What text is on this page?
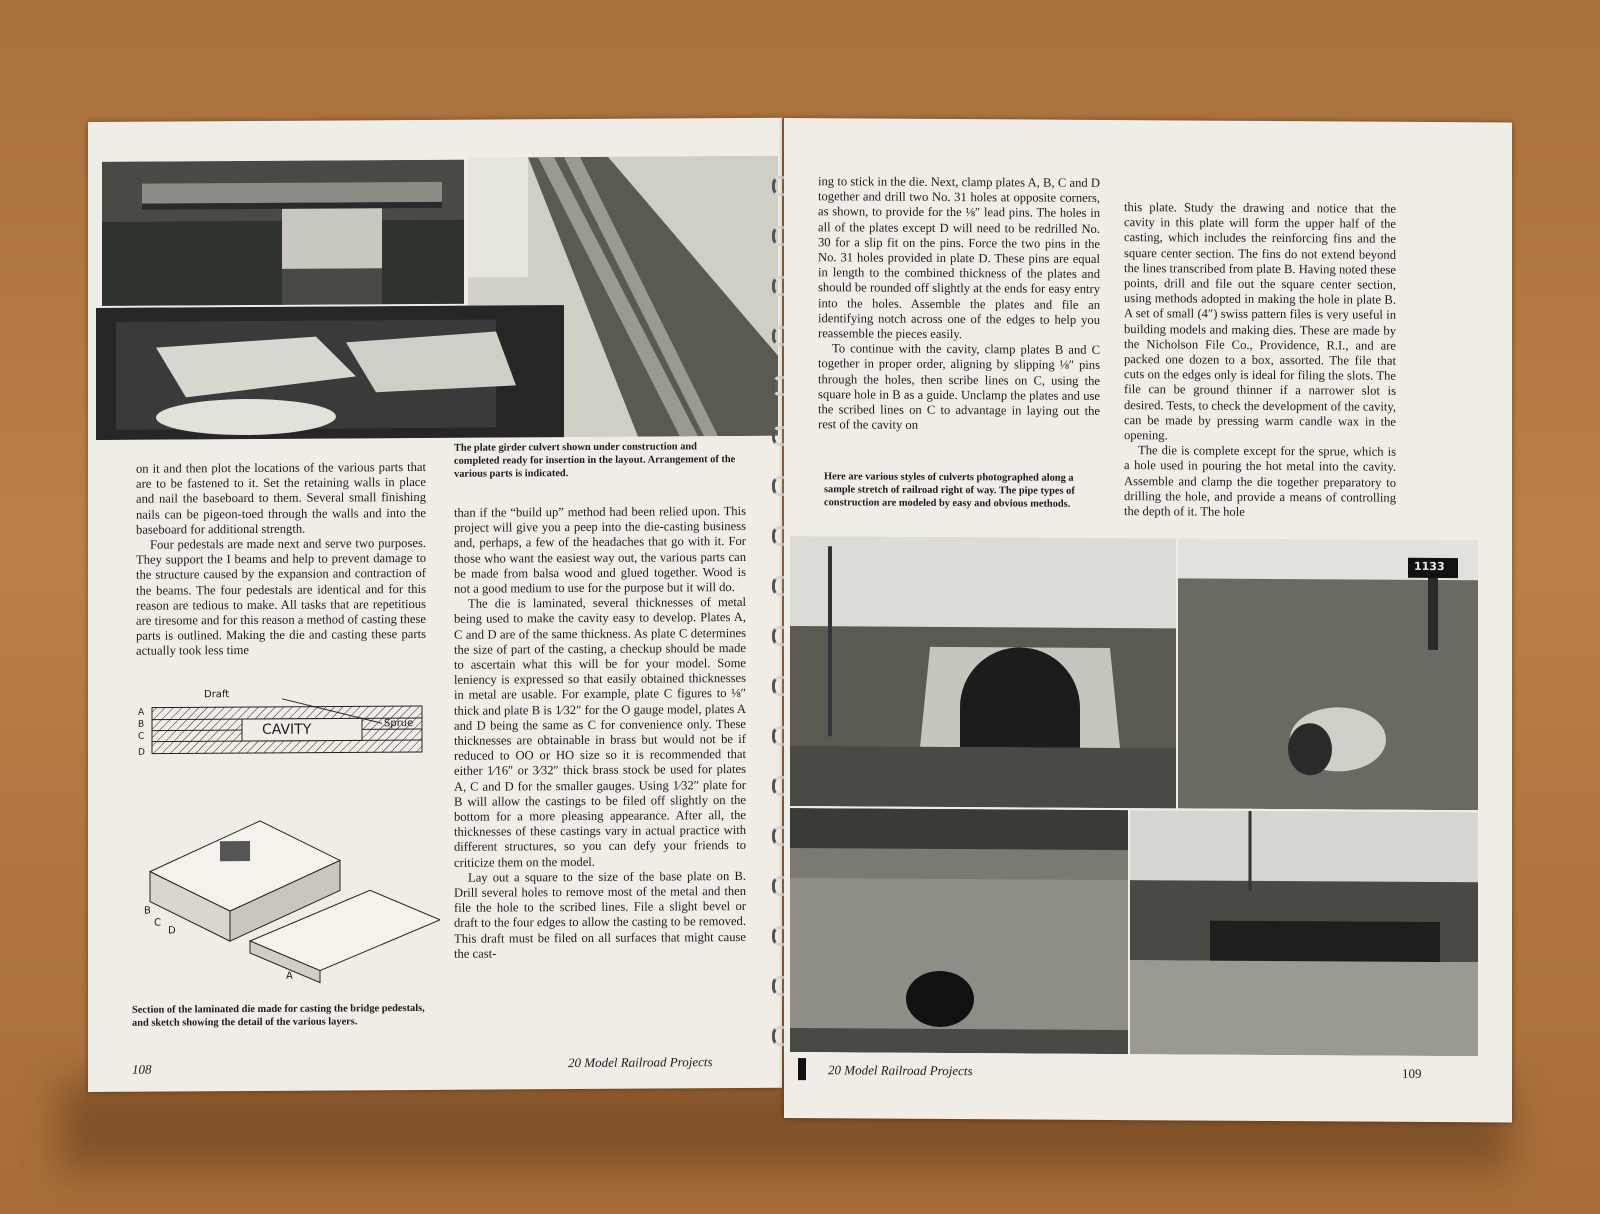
The plate girder culvert shown under construction and completed ready for insertion in the layout. Arrangement of the various parts is indicated.

on it and then plot the locations of the various parts that are to be fastened to it. Set the retaining walls in place and nail the baseboard to them. Several small finishing nails can be pigeon-toed through the walls and into the baseboard for additional strength.

Four pedestals are made next and serve two purposes. They support the I beams and help to prevent damage to the structure caused by the expansion and contraction of the beams. The four pedestals are identical and for this reason are tedious to make. All tasks that are repetitious are tiresome and for this reason a method of casting these parts is outlined. Making the die and casting these parts actually took less time

than if the “build up” method had been relied upon. This project will give you a peep into the die-casting business and, perhaps, a few of the headaches that go with it. For those who want the easiest way out, the various parts can be made from balsa wood and glued together. Wood is not a good medium to use for the purpose but it will do.

The die is laminated, several thicknesses of metal being used to make the cavity easy to develop. Plates A, C and D are of the same thickness. As plate C determines the size of part of the casting, a checkup should be made to ascertain what this will be for your model. Some leniency is expressed so that easily obtained thicknesses in metal are usable. For example, plate C figures to ⅛″ thick and plate B is 1⁄32″ for the O gauge model, plates A and D being the same as C for convenience only. These thicknesses are obtainable in brass but would not be if reduced to OO or HO size so it is recommended that either 1⁄16″ or 3⁄32″ thick brass stock be used for plates A, C and D for the smaller gauges. Using 1⁄32″ plate for B will allow the castings to be filed off slightly on the bottom for a more pleasing appearance. After all, the thicknesses of these castings vary in actual practice with different structures, so you can defy your friends to criticize them on the model.

Lay out a square to the size of the base plate on B. Drill several holes to remove most of the metal and then file the hole to the scribed lines. File a slight bevel or draft to the four edges to allow the casting to be removed. This draft must be filed on all surfaces that might cause the cast-

Draft
CAVITY	Sprue
A
B
C
D
B
C
D
A
Section of the laminated die made for casting the bridge pedestals, and sketch showing the detail of the various layers.
108	20 Model Railroad Projects

ing to stick in the die. Next, clamp plates A, B, C and D together and drill two No. 31 holes at opposite corners, as shown, to provide for the ⅛″ lead pins. The holes in all of the plates except D will need to be redrilled No. 30 for a slip fit on the pins. Force the two pins in the No. 31 holes provided in plate D. These pins are equal in length to the combined thickness of the plates and should be rounded off slightly at the ends for easy entry into the holes. Assemble the plates and file an identifying notch across one of the edges to help you reassemble the pieces easily.

To continue with the cavity, clamp plates B and C together in proper order, aligning by slipping ⅛″ pins through the holes, then scribe lines on C, using the square hole in B as a guide. Unclamp the plates and use the scribed lines on C to advantage in laying out the rest of the cavity on

Here are various styles of culverts photographed along a sample stretch of railroad right of way. The pipe types of construction are modeled by easy and obvious methods.

this plate. Study the drawing and notice that the cavity in this plate will form the upper half of the casting, which includes the reinforcing fins and the square center section. The fins do not extend beyond the lines transcribed from plate B. Having noted these points, drill and file out the square center section, using methods adopted in making the hole in plate B. A set of small (4″) swiss pattern files is very useful in building models and making dies. These are made by the Nicholson File Co., Providence, R.I., and are packed one dozen to a box, assorted. The file that cuts on the edges only is ideal for filing the slots. The file can be ground thinner if a narrower slot is desired. Tests, to check the development of the cavity, can be made by pressing warm candle wax in the opening.

The die is complete except for the sprue, which is a hole used in pouring the hot metal into the cavity. Assemble and clamp the die together preparatory to drilling the hole, and provide a means of controlling the depth of it. The hole

1133
20 Model Railroad Projects	109
